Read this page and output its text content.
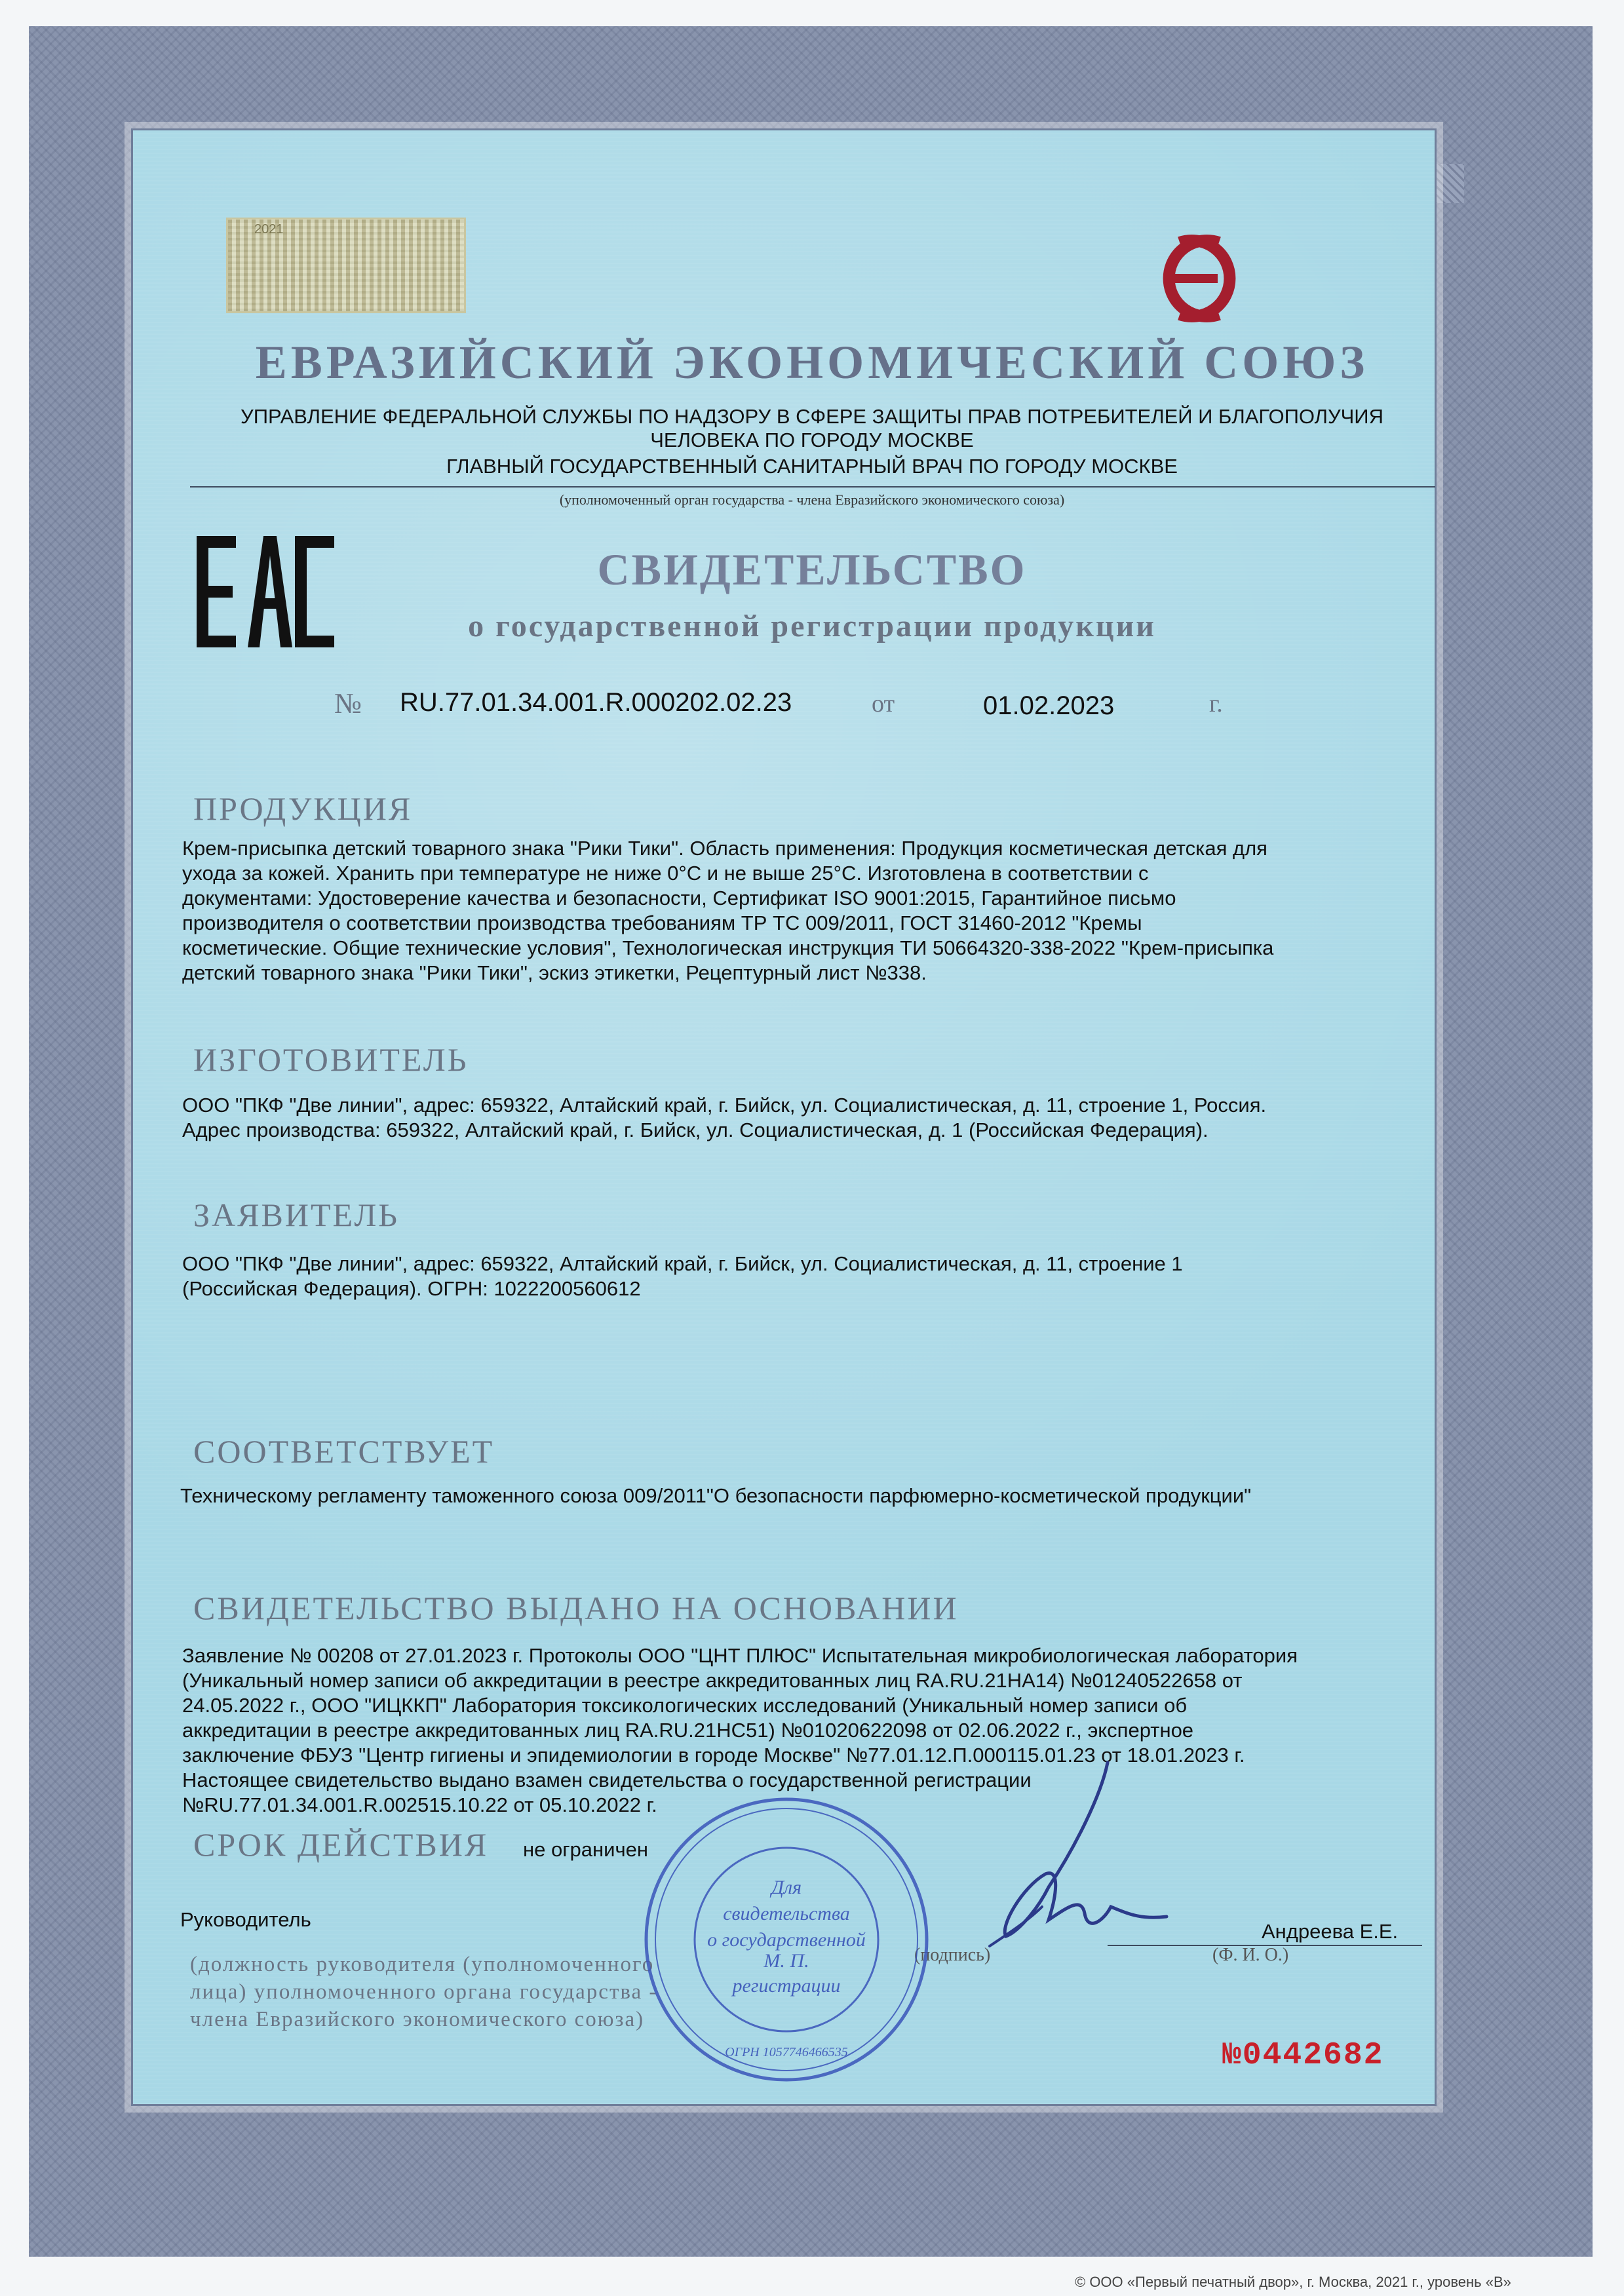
2021
ЕВРАЗИЙСКИЙ ЭКОНОМИЧЕСКИЙ СОЮЗ
УПРАВЛЕНИЕ ФЕДЕРАЛЬНОЙ СЛУЖБЫ ПО НАДЗОРУ В СФЕРЕ ЗАЩИТЫ ПРАВ ПОТРЕБИТЕЛЕЙ И БЛАГОПОЛУЧИЯ
ЧЕЛОВЕКА ПО ГОРОДУ МОСКВЕ
ГЛАВНЫЙ ГОСУДАРСТВЕННЫЙ САНИТАРНЫЙ ВРАЧ ПО ГОРОДУ МОСКВЕ
(уполномоченный орган государства - члена Евразийского экономического союза)
СВИДЕТЕЛЬСТВО
о государственной регистрации продукции
№ RU.77.01.34.001.R.000202.02.23	от	01.02.2023	г.
ПРОДУКЦИЯ
Крем-присыпка детский товарного знака "Рики Тики". Область применения: Продукция косметическая детская для
ухода за кожей. Хранить при температуре не ниже 0°С и не выше 25°С. Изготовлена в соответствии с
документами: Удостоверение качества и безопасности, Сертификат ISO 9001:2015, Гарантийное письмо
производителя о соответствии производства требованиям ТР ТС 009/2011, ГОСТ 31460-2012 "Кремы
косметические. Общие технические условия", Технологическая инструкция ТИ 50664320-338-2022 "Крем-присыпка
детский товарного знака "Рики Тики", эскиз этикетки, Рецептурный лист №338.
ИЗГОТОВИТЕЛЬ
ООО "ПКФ "Две линии", адрес: 659322, Алтайский край, г. Бийск, ул. Социалистическая, д. 11, строение 1, Россия.
Адрес производства: 659322, Алтайский край, г. Бийск, ул. Социалистическая, д. 1 (Российская Федерация).
ЗАЯВИТЕЛЬ
ООО "ПКФ "Две линии", адрес: 659322, Алтайский край, г. Бийск, ул. Социалистическая, д. 11, строение 1
(Российская Федерация). ОГРН: 1022200560612
СООТВЕТСТВУЕТ
Техническому регламенту таможенного союза 009/2011"О безопасности парфюмерно-косметической продукции"
СВИДЕТЕЛЬСТВО ВЫДАНО НА ОСНОВАНИИ
Заявление № 00208 от 27.01.2023 г. Протоколы ООО "ЦНТ ПЛЮС" Испытательная микробиологическая лаборатория
(Уникальный номер записи об аккредитации в реестре аккредитованных лиц RA.RU.21HA14) №01240522658 от
24.05.2022 г., ООО "ИЦККП" Лаборатория токсикологических исследований (Уникальный номер записи об
аккредитации в реестре аккредитованных лиц RA.RU.21HC51) №01020622098 от 02.06.2022 г., экспертное
заключение ФБУЗ "Центр гигиены и эпидемиологии в городе Москве" №77.01.12.П.000115.01.23 от 18.01.2023 г.
Настоящее свидетельство выдано взамен свидетельства о государственной регистрации
№RU.77.01.34.001.R.002515.10.22 от 05.10.2022 г.
СРОК ДЕЙСТВИЯ не ограничен
Руководитель
Андреева Е.Е.
(подпись)	(Ф. И. О.)
(должность руководителя (уполномоченного
лица) уполномоченного органа государства -
члена Евразийского экономического союза)
Для
свидетельства
о государственной
М. П.
регистрации
ОГРН 1057746466535	№0442682
© ООО «Первый печатный двор», г. Москва, 2021 г., уровень «В»
